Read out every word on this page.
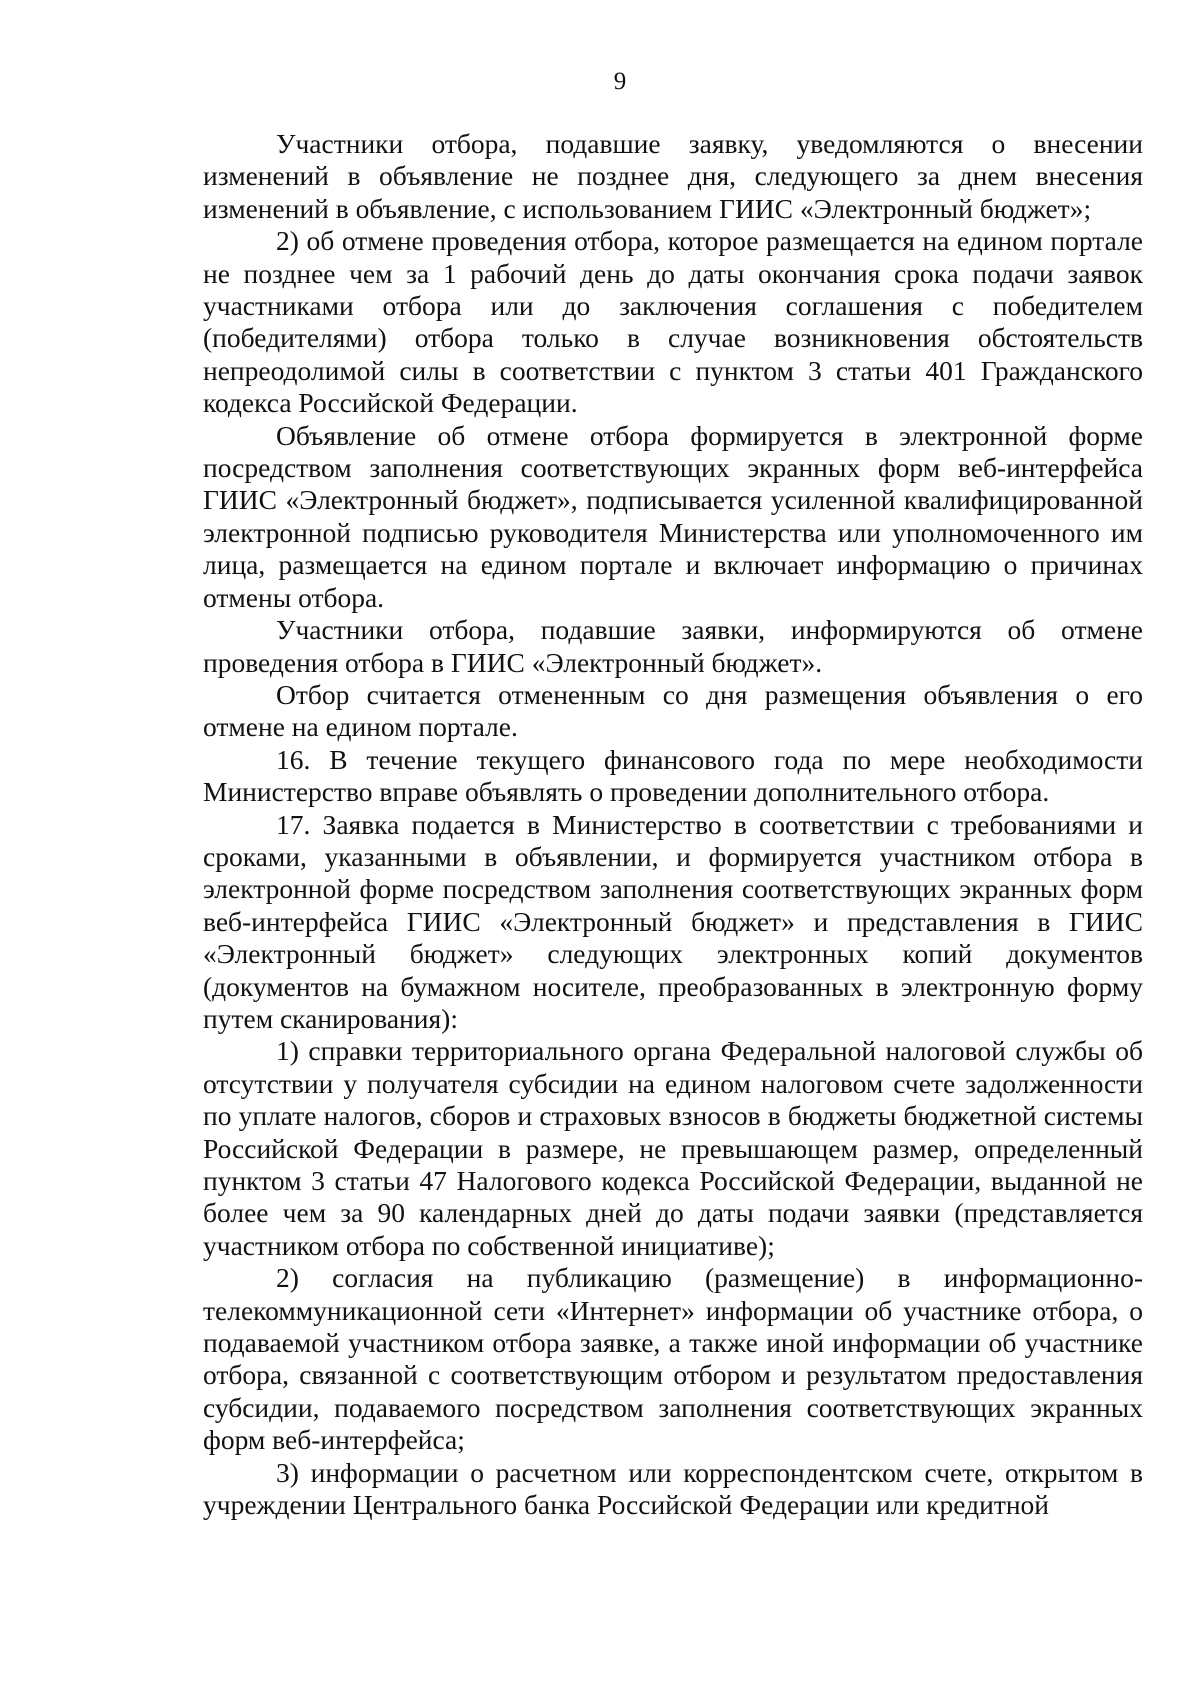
9

Участники отбора, подавшие заявку, уведомляются о внесении изменений в объявление не позднее дня, следующего за днем внесения изменений в объявление, с использованием ГИИС «Электронный бюджет»;

2) об отмене проведения отбора, которое размещается на едином портале не позднее чем за 1 рабочий день до даты окончания срока подачи заявок участниками отбора или до заключения соглашения с победителем (победителями) отбора только в случае возникновения обстоятельств непреодолимой силы в соответствии с пунктом 3 статьи 401 Гражданского кодекса Российской Федерации.

Объявление об отмене отбора формируется в электронной форме посредством заполнения соответствующих экранных форм веб-интерфейса ГИИС «Электронный бюджет», подписывается усиленной квалифицированной электронной подписью руководителя Министерства или уполномоченного им лица, размещается на едином портале и включает информацию о причинах отмены отбора.

Участники отбора, подавшие заявки, информируются об отмене проведения отбора в ГИИС «Электронный бюджет».

Отбор считается отмененным со дня размещения объявления о его отмене на едином портале.

16. В течение текущего финансового года по мере необходимости Министерство вправе объявлять о проведении дополнительного отбора.

17. Заявка подается в Министерство в соответствии с требованиями и сроками, указанными в объявлении, и формируется участником отбора в электронной форме посредством заполнения соответствующих экранных форм веб-интерфейса ГИИС «Электронный бюджет» и представления в ГИИС «Электронный бюджет» следующих электронных копий документов (документов на бумажном носителе, преобразованных в электронную форму путем сканирования):

1) справки территориального органа Федеральной налоговой службы об отсутствии у получателя субсидии на едином налоговом счете задолженности по уплате налогов, сборов и страховых взносов в бюджеты бюджетной системы Российской Федерации в размере, не превышающем размер, определенный пунктом 3 статьи 47 Налогового кодекса Российской Федерации, выданной не более чем за 90 календарных дней до даты подачи заявки (представляется участником отбора по собственной инициативе);

2) согласия на публикацию (размещение) в информационно-телекоммуникационной сети «Интернет» информации об участнике отбора, о подаваемой участником отбора заявке, а также иной информации об участнике отбора, связанной с соответствующим отбором и результатом предоставления субсидии, подаваемого посредством заполнения соответствующих экранных форм веб-интерфейса;

3) информации о расчетном или корреспондентском счете, открытом в учреждении Центрального банка Российской Федерации или кредитной
